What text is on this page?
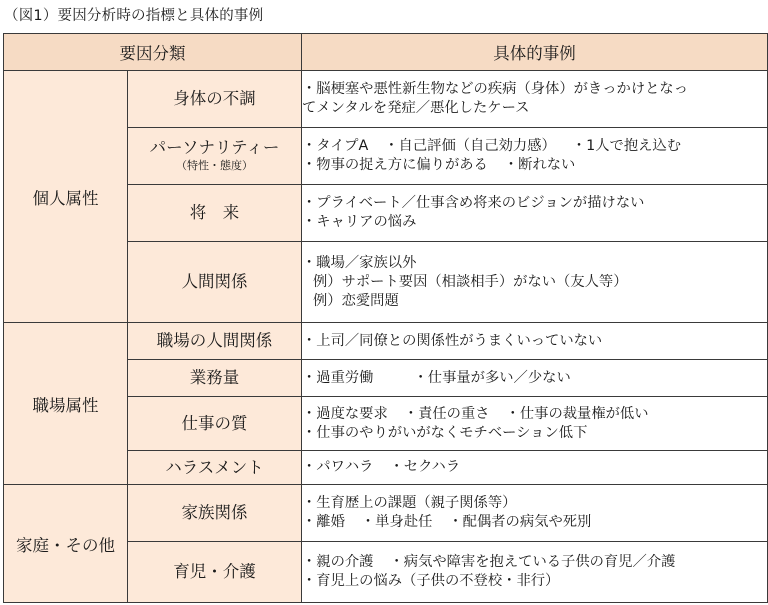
（図1）要因分析時の指標と具体的事例
要因分類		具体的事例
個人属性	身体の不調	・脳梗塞や悪性新生物などの疾病（身体）がきっかけとなっ
てメンタルを発症／悪化したケース

	パーソナリティー
（特性・態度）	・タイプA ・自己評価（自己効力感） ・1人で抱え込む
・物事の捉え方に偏りがある ・断れない

	将　来	・プライベート／仕事含め将来のビジョンが描けない
・キャリアの悩み

	人間関係	・職場／家族以外
例）サポート要因（相談相手）がない（友人等）
例）恋愛問題

職場属性	職場の人間関係	・上司／同僚との関係性がうまくいっていない

	業務量	・過重労働 ・仕事量が多い／少ない

	仕事の質	・過度な要求 ・責任の重さ ・仕事の裁量権が低い
・仕事のやりがいがなくモチベーション低下

	ハラスメント	・パワハラ ・セクハラ

家庭・その他	家族関係	・生育歴上の課題（親子関係等）
・離婚 ・単身赴任 ・配偶者の病気や死別

	育児・介護	・親の介護 ・病気や障害を抱えている子供の育児／介護
・育児上の悩み（子供の不登校・非行）
